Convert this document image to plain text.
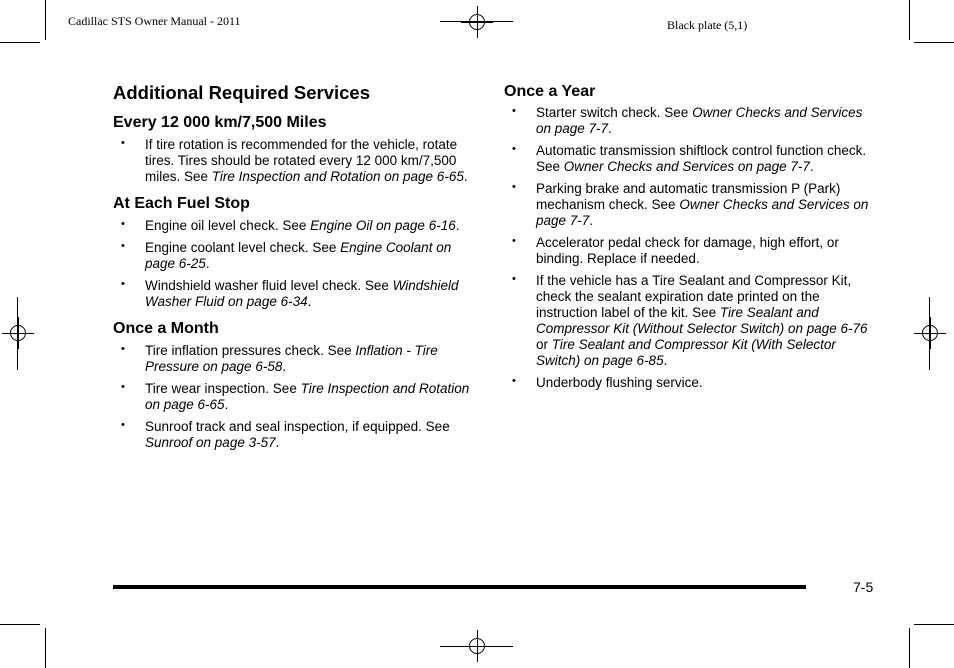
Cadillac STS Owner Manual - 2011	Black plate (5,1)
Additional Required Services
Every 12 000 km/7,500 Miles
• If tire rotation is recommended for the vehicle, rotate tires. Tires should be rotated every 12 000 km/7,500 miles. See Tire Inspection and Rotation on page 6-65.
At Each Fuel Stop
• Engine oil level check. See Engine Oil on page 6-16.
• Engine coolant level check. See Engine Coolant on page 6-25.
• Windshield washer fluid level check. See Windshield Washer Fluid on page 6-34.
Once a Month
• Tire inflation pressures check. See Inflation - Tire Pressure on page 6-58.
• Tire wear inspection. See Tire Inspection and Rotation on page 6-65.
• Sunroof track and seal inspection, if equipped. See Sunroof on page 3-57.
Once a Year
• Starter switch check. See Owner Checks and Services on page 7-7.
• Automatic transmission shiftlock control function check. See Owner Checks and Services on page 7-7.
• Parking brake and automatic transmission P (Park) mechanism check. See Owner Checks and Services on page 7-7.
• Accelerator pedal check for damage, high effort, or binding. Replace if needed.
• If the vehicle has a Tire Sealant and Compressor Kit, check the sealant expiration date printed on the instruction label of the kit. See Tire Sealant and Compressor Kit (Without Selector Switch) on page 6-76 or Tire Sealant and Compressor Kit (With Selector Switch) on page 6-85.
• Underbody flushing service.
7-5
